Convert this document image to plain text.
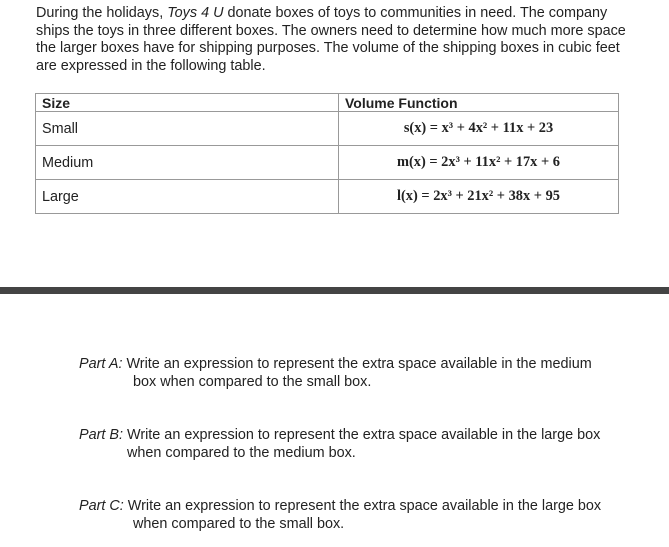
During the holidays, Toys 4 U donate boxes of toys to communities in need. The company ships the toys in three different boxes. The owners need to determine how much more space the larger boxes have for shipping purposes. The volume of the shipping boxes in cubic feet are expressed in the following table.

Size	Volume Function
Small	s(x) = x³ + 4x² + 11x + 23
Medium	m(x) = 2x³ + 11x² + 17x + 6
Large	l(x) = 2x³ + 21x² + 38x + 95

Part A: Write an expression to represent the extra space available in the medium
box when compared to the small box.

Part B: Write an expression to represent the extra space available in the large box
when compared to the medium box.

Part C: Write an expression to represent the extra space available in the large box
when compared to the small box.
